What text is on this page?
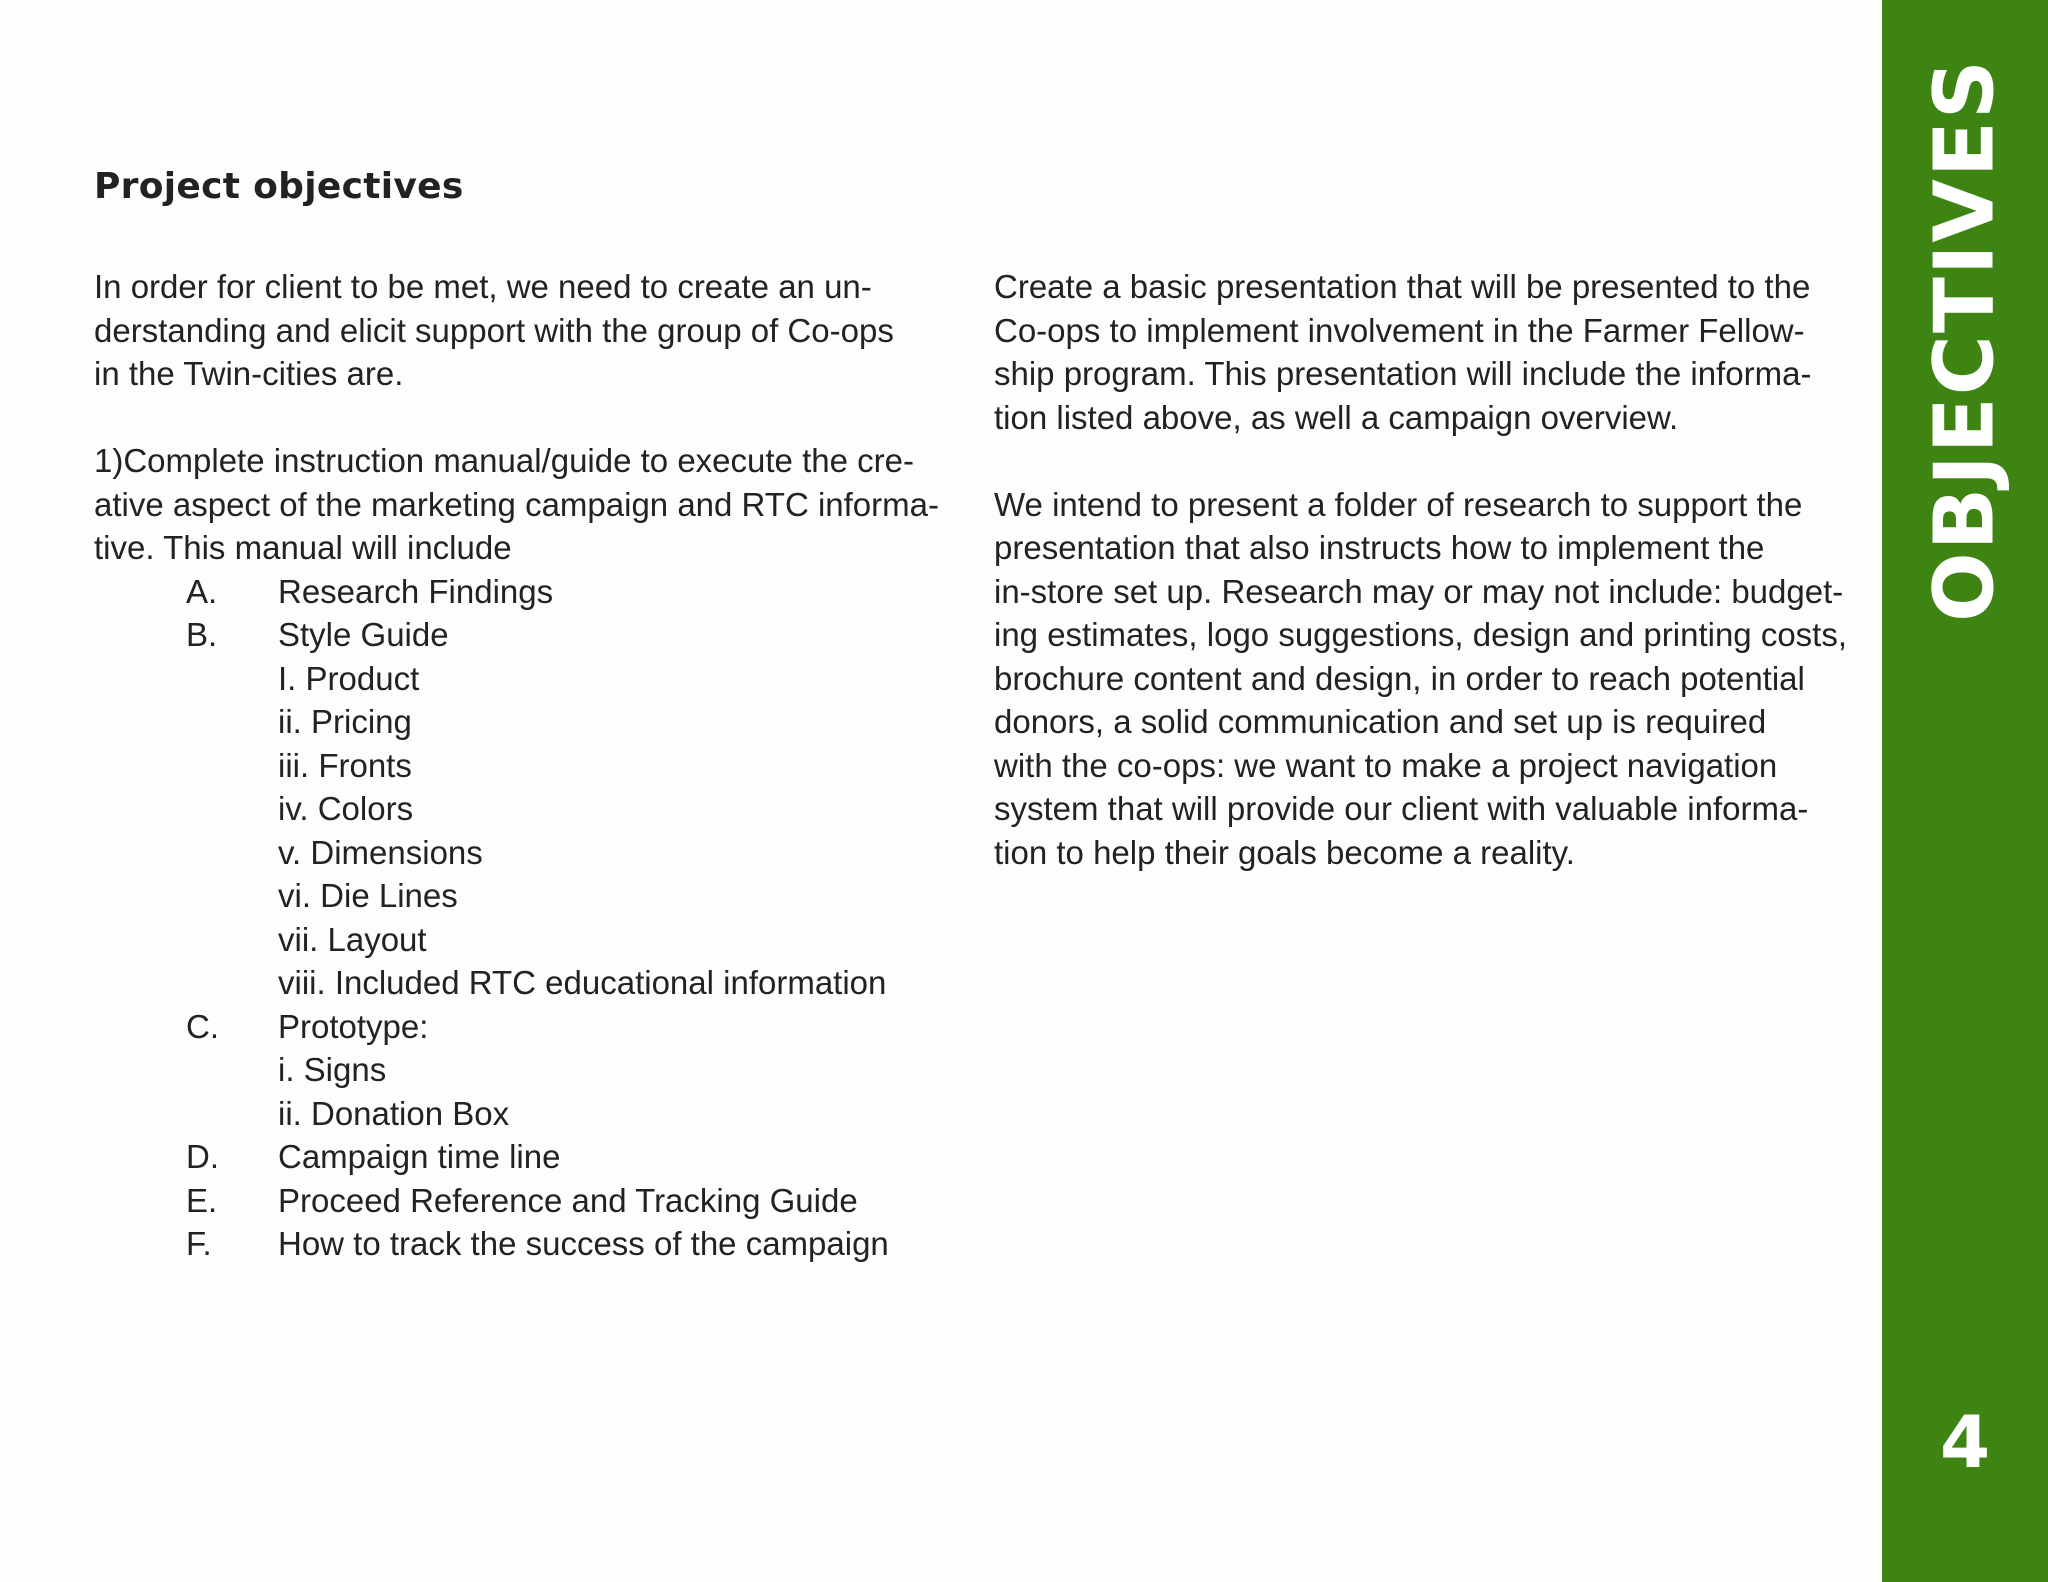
Project objectives

In order for client to be met, we need to create an un-
derstanding and elicit support with the group of Co-ops
in the Twin-cities are.

1)Complete instruction manual/guide to execute the cre-
ative aspect of the marketing campaign and RTC informa-
tive. This manual will include

A.	Research Findings
B.	Style Guide
I. Product
ii. Pricing
iii. Fronts
iv. Colors
v. Dimensions
vi. Die Lines
vii. Layout
viii. Included RTC educational information
C.	Prototype:
i. Signs
ii. Donation Box
D.	Campaign time line
E.	Proceed Reference and Tracking Guide
F.	How to track the success of the campaign

Create a basic presentation that will be presented to the
Co-ops to implement involvement in the Farmer Fellow-
ship program. This presentation will include the informa-
tion listed above, as well a campaign overview.

We intend to present a folder of research to support the
presentation that also instructs how to implement the
in-store set up. Research may or may not include: budget-
ing estimates, logo suggestions, design and printing costs,
brochure content and design, in order to reach potential
donors, a solid communication and set up is required
with the co-ops: we want to make a project navigation
system that will provide our client with valuable informa-
tion to help their goals become a reality.

OBJECTIVES
4
